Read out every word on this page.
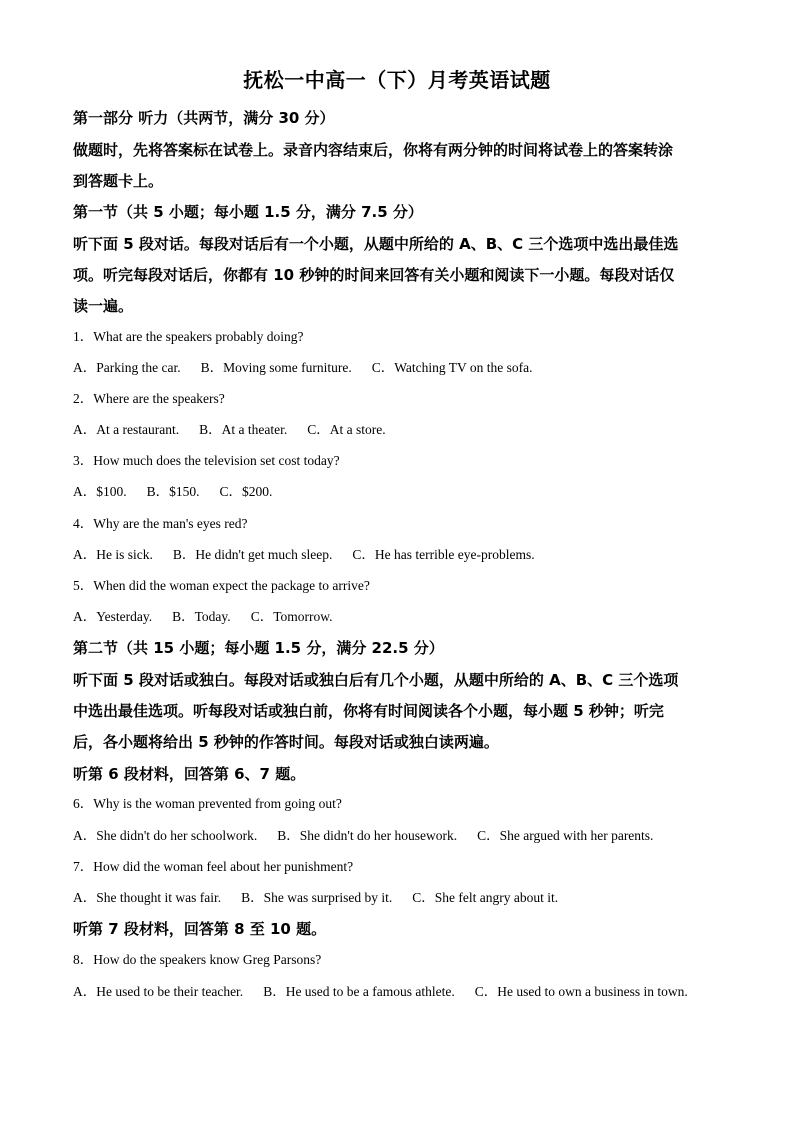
抚松一中高一（下）月考英语试题
第一部分 听力（共两节，满分 30 分）
做题时，先将答案标在试卷上。录音内容结束后，你将有两分钟的时间将试卷上的答案转涂
到答题卡上。
第一节（共 5 小题；每小题 1.5 分，满分 7.5 分）
听下面 5 段对话。每段对话后有一个小题，从题中所给的 A、B、C 三个选项中选出最佳选
项。听完每段对话后，你都有 10 秒钟的时间来回答有关小题和阅读下一小题。每段对话仅
读一遍。
1．What are the speakers probably doing?
A．Parking the car. B．Moving some furniture. C．Watching TV on the sofa.
2．Where are the speakers?
A．At a restaurant. B．At a theater. C．At a store.
3．How much does the television set cost today?
A．$100. B．$150. C．$200.
4．Why are the man's eyes red?
A．He is sick. B．He didn't get much sleep. C．He has terrible eye-problems.
5．When did the woman expect the package to arrive?
A．Yesterday. B．Today. C．Tomorrow.
第二节（共 15 小题；每小题 1.5 分，满分 22.5 分）
听下面 5 段对话或独白。每段对话或独白后有几个小题，从题中所给的 A、B、C 三个选项
中选出最佳选项。听每段对话或独白前，你将有时间阅读各个小题，每小题 5 秒钟；听完
后，各小题将给出 5 秒钟的作答时间。每段对话或独白读两遍。
听第 6 段材料，回答第 6、7 题。
6．Why is the woman prevented from going out?
A．She didn't do her schoolwork. B．She didn't do her housework. C．She argued with her parents.
7．How did the woman feel about her punishment?
A．She thought it was fair. B．She was surprised by it. C．She felt angry about it.
听第 7 段材料，回答第 8 至 10 题。
8．How do the speakers know Greg Parsons?
A．He used to be their teacher. B．He used to be a famous athlete. C．He used to own a business in town.
